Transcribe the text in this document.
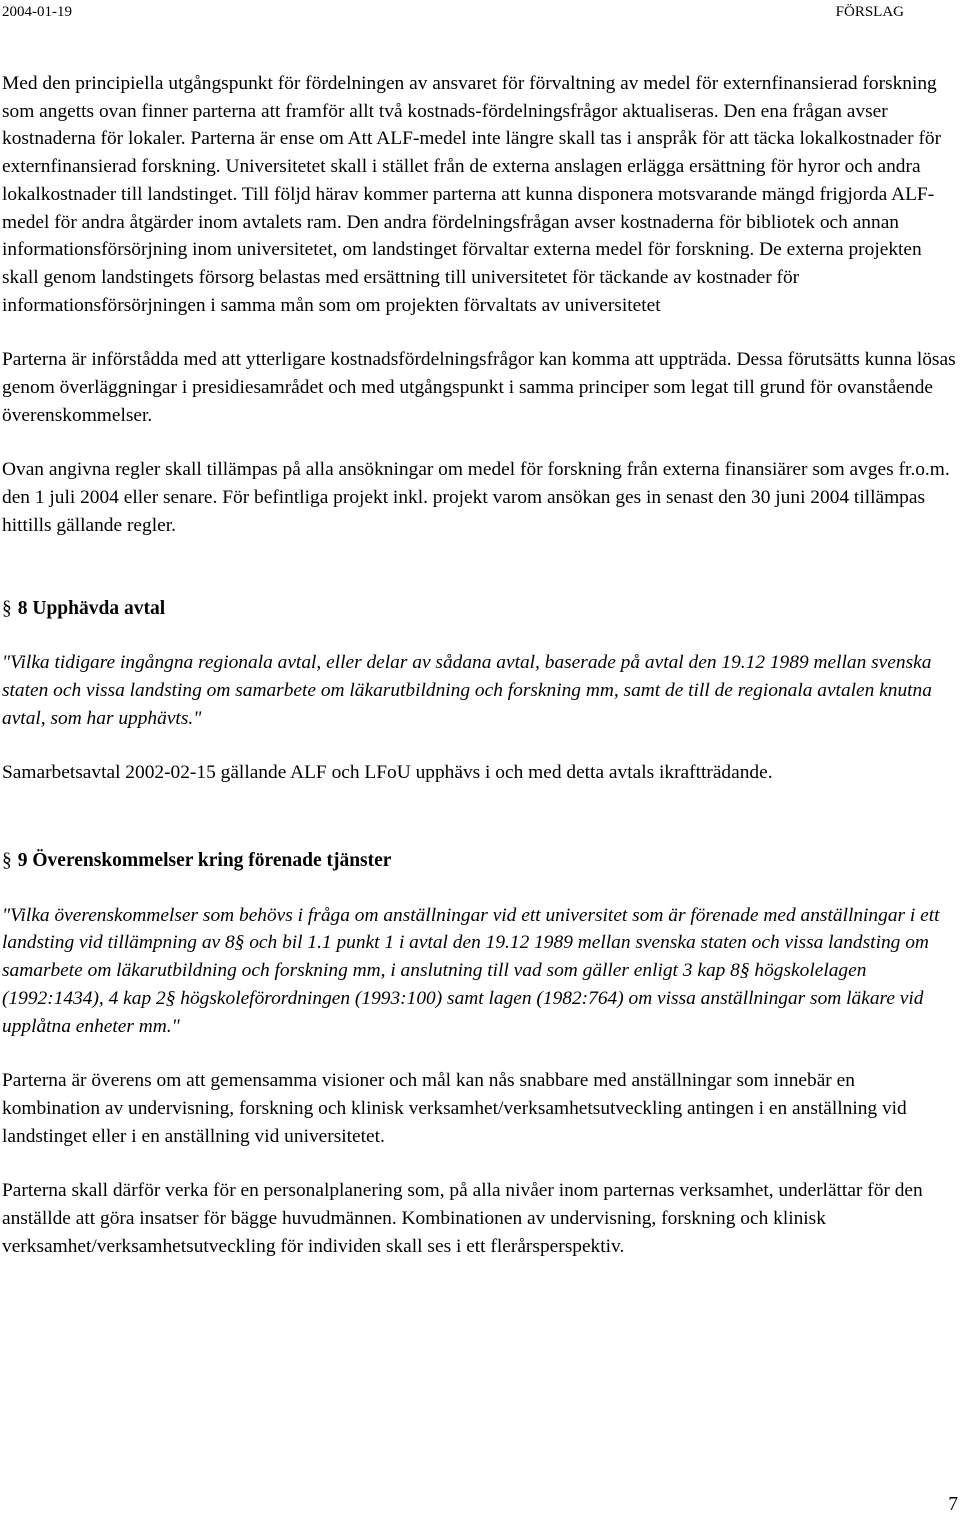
2004-01-19	FÖRSLAG

Med den principiella utgångspunkt för fördelningen av ansvaret för förvaltning av medel för externfinansierad forskning som angetts ovan finner parterna att framför allt två kostnads-fördelningsfrågor aktualiseras. Den ena frågan avser kostnaderna för lokaler. Parterna är ense om Att ALF-medel inte längre skall tas i anspråk för att täcka lokalkostnader för externfinansierad forskning. Universitetet skall i stället från de externa anslagen erlägga ersättning för hyror och andra lokalkostnader till landstinget. Till följd härav kommer parterna att kunna disponera motsvarande mängd frigjorda ALF-medel för andra åtgärder inom avtalets ram. Den andra fördelningsfrågan avser kostnaderna för bibliotek och annan informationsförsörjning inom universitetet, om landstinget förvaltar externa medel för forskning. De externa projekten skall genom landstingets försorg belastas med ersättning till universitetet för täckande av kostnader för informationsförsörjningen i samma mån som om projekten förvaltats av universitetet

Parterna är införstådda med att ytterligare kostnadsfördelningsfrågor kan komma att uppträda. Dessa förutsätts kunna lösas genom överläggningar i presidiesamrådet och med utgångspunkt i samma principer som legat till grund för ovanstående överenskommelser.

Ovan angivna regler skall tillämpas på alla ansökningar om medel för forskning från externa finansiärer som avges fr.o.m. den 1 juli 2004 eller senare. För befintliga projekt inkl. projekt varom ansökan ges in senast den 30 juni 2004 tillämpas hittills gällande regler.

§ 8 Upphävda avtal

"Vilka tidigare ingångna regionala avtal, eller delar av sådana avtal, baserade på avtal den 19.12 1989 mellan svenska staten och vissa landsting om samarbete om läkarutbildning och forskning mm, samt de till de regionala avtalen knutna avtal, som har upphävts."

Samarbetsavtal 2002-02-15 gällande ALF och LFoU upphävs i och med detta avtals ikraftträdande.

§ 9 Överenskommelser kring förenade tjänster

"Vilka överenskommelser som behövs i fråga om anställningar vid ett universitet som är förenade med anställningar i ett landsting vid tillämpning av 8§ och bil 1.1 punkt 1 i avtal den 19.12 1989 mellan svenska staten och vissa landsting om samarbete om läkarutbildning och forskning mm, i anslutning till vad som gäller enligt 3 kap 8§ högskolelagen (1992:1434), 4 kap 2§ högskoleförordningen (1993:100) samt lagen (1982:764) om vissa anställningar som läkare vid upplåtna enheter mm."

Parterna är överens om att gemensamma visioner och mål kan nås snabbare med anställningar som innebär en kombination av undervisning, forskning och klinisk verksamhet/verksamhetsutveckling antingen i en anställning vid landstinget eller i en anställning vid universitetet.

Parterna skall därför verka för en personalplanering som, på alla nivåer inom parternas verksamhet, underlättar för den anställde att göra insatser för bägge huvudmännen. Kombinationen av undervisning, forskning och klinisk verksamhet/verksamhetsutveckling för individen skall ses i ett flerårsperspektiv.

7
